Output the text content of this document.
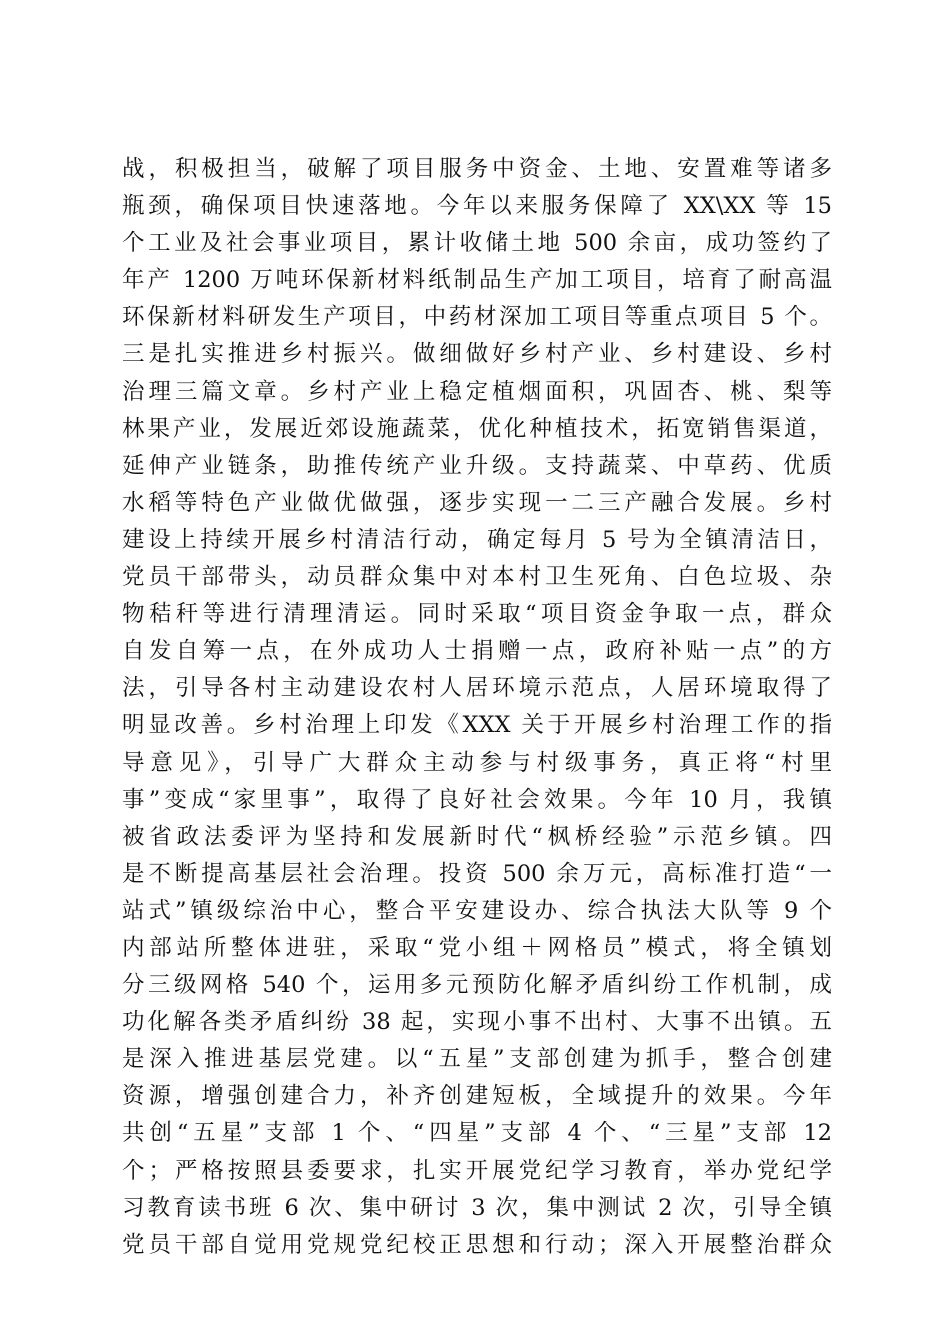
战，积极担当，破解了项目服务中资金、土地、安置难等诸多
瓶颈，确保项目快速落地。今年以来服务保障了 XX\XX 等 15
个工业及社会事业项目，累计收储土地 500 余亩，成功签约了
年产 1200 万吨环保新材料纸制品生产加工项目，培育了耐高温
环保新材料研发生产项目，中药材深加工项目等重点项目 5 个。
三是扎实推进乡村振兴。做细做好乡村产业、乡村建设、乡村
治理三篇文章。乡村产业上稳定植烟面积，巩固杏、桃、梨等
林果产业，发展近郊设施蔬菜，优化种植技术，拓宽销售渠道，
延伸产业链条，助推传统产业升级。支持蔬菜、中草药、优质
水稻等特色产业做优做强，逐步实现一二三产融合发展。乡村
建设上持续开展乡村清洁行动，确定每月 5 号为全镇清洁日，
党员干部带头，动员群众集中对本村卫生死角、白色垃圾、杂
物秸秆等进行清理清运。同时采取“项目资金争取一点，群众
自发自筹一点，在外成功人士捐赠一点，政府补贴一点”的方
法，引导各村主动建设农村人居环境示范点，人居环境取得了
明显改善。乡村治理上印发《XXX 关于开展乡村治理工作的指
导意见》，引导广大群众主动参与村级事务，真正将“村里
事”变成“家里事”，取得了良好社会效果。今年 10 月，我镇
被省政法委评为坚持和发展新时代“枫桥经验”示范乡镇。四
是不断提高基层社会治理。投资 500 余万元，高标准打造“一
站式”镇级综治中心，整合平安建设办、综合执法大队等 9 个
内部站所整体进驻，采取“党小组＋网格员”模式，将全镇划
分三级网格 540 个，运用多元预防化解矛盾纠纷工作机制，成
功化解各类矛盾纠纷 38 起，实现小事不出村、大事不出镇。五
是深入推进基层党建。以“五星”支部创建为抓手，整合创建
资源，增强创建合力，补齐创建短板，全域提升的效果。今年
共创“五星”支部 1 个、“四星”支部 4 个、“三星”支部 12
个；严格按照县委要求，扎实开展党纪学习教育，举办党纪学
习教育读书班 6 次、集中研讨 3 次，集中测试 2 次，引导全镇
党员干部自觉用党规党纪校正思想和行动；深入开展整治群众
